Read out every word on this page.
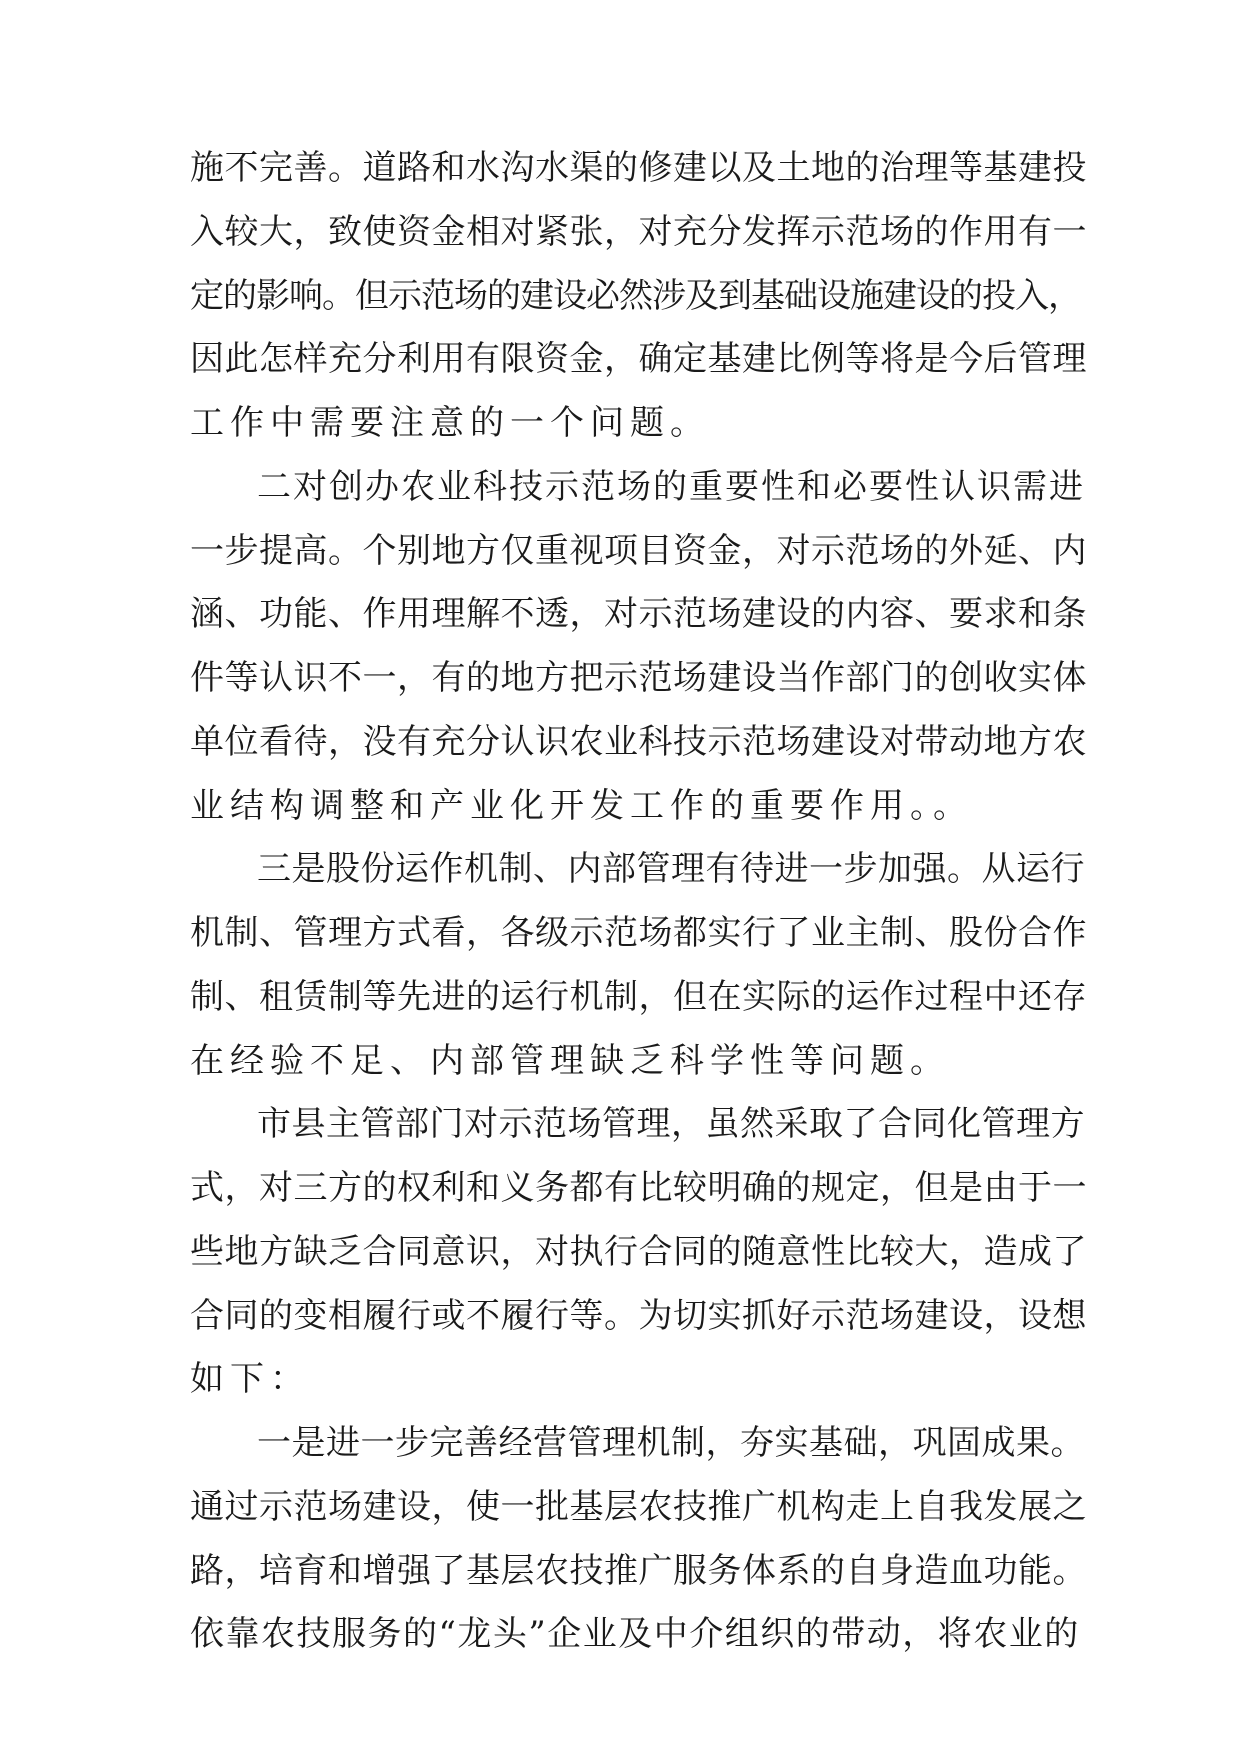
施不完善。道路和水沟水渠的修建以及土地的治理等基建投
入较大，致使资金相对紧张，对充分发挥示范场的作用有一
定的影响。但示范场的建设必然涉及到基础设施建设的投入，
因此怎样充分利用有限资金，确定基建比例等将是今后管理
工作中需要注意的一个问题。
二对创办农业科技示范场的重要性和必要性认识需进
一步提高。个别地方仅重视项目资金，对示范场的外延、内
涵、功能、作用理解不透，对示范场建设的内容、要求和条
件等认识不一，有的地方把示范场建设当作部门的创收实体
单位看待，没有充分认识农业科技示范场建设对带动地方农
业结构调整和产业化开发工作的重要作用。。
三是股份运作机制、内部管理有待进一步加强。从运行
机制、管理方式看，各级示范场都实行了业主制、股份合作
制、租赁制等先进的运行机制，但在实际的运作过程中还存
在经验不足、内部管理缺乏科学性等问题。
市县主管部门对示范场管理，虽然采取了合同化管理方
式，对三方的权利和义务都有比较明确的规定，但是由于一
些地方缺乏合同意识，对执行合同的随意性比较大，造成了
合同的变相履行或不履行等。为切实抓好示范场建设，设想
如下：
一是进一步完善经营管理机制，夯实基础，巩固成果。
通过示范场建设，使一批基层农技推广机构走上自我发展之
路，培育和增强了基层农技推广服务体系的自身造血功能。
依靠农技服务的“龙头”企业及中介组织的带动，将农业的
